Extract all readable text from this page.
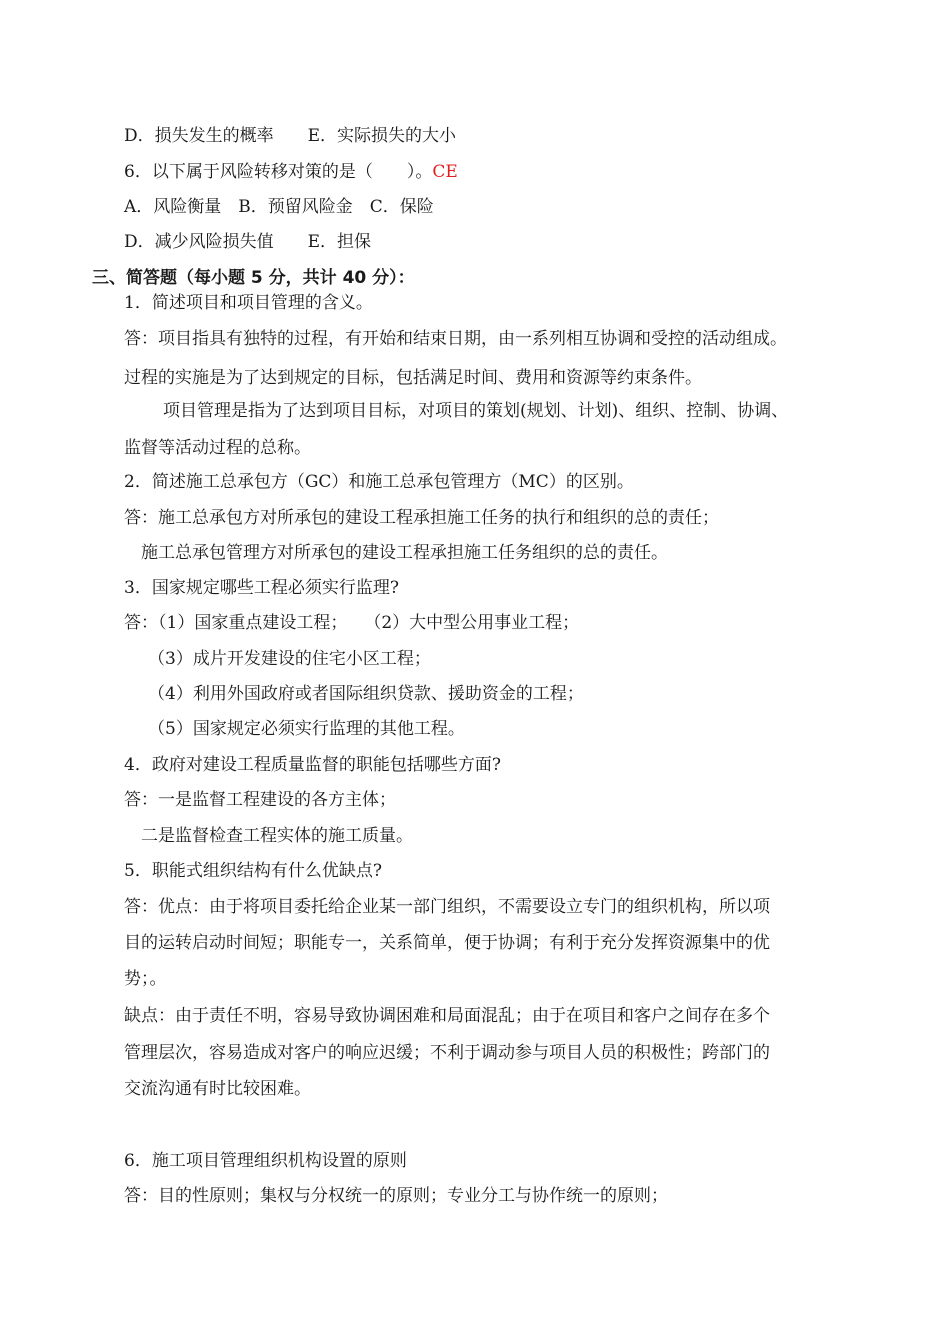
D．损失发生的概率　　E．实际损失的大小
6．以下属于风险转移对策的是（　　）。CE
A．风险衡量　B．预留风险金　C．保险
D．减少风险损失值　　E．担保
三、简答题（每小题 5 分，共计 40 分）：
1．简述项目和项目管理的含义。
答：项目指具有独特的过程，有开始和结束日期，由一系列相互协调和受控的活动组成。
过程的实施是为了达到规定的目标，包括满足时间、费用和资源等约束条件。
项目管理是指为了达到项目目标，对项目的策划(规划、计划)、组织、控制、协调、
监督等活动过程的总称。
2．简述施工总承包方（GC）和施工总承包管理方（MC）的区别。
答：施工总承包方对所承包的建设工程承担施工任务的执行和组织的总的责任；
施工总承包管理方对所承包的建设工程承担施工任务组织的总的责任。
3．国家规定哪些工程必须实行监理?
答：（1）国家重点建设工程；　　（2）大中型公用事业工程；
（3）成片开发建设的住宅小区工程；
（4）利用外国政府或者国际组织贷款、援助资金的工程；
（5）国家规定必须实行监理的其他工程。
4．政府对建设工程质量监督的职能包括哪些方面?
答：一是监督工程建设的各方主体；
二是监督检查工程实体的施工质量。
5．职能式组织结构有什么优缺点?
答：优点：由于将项目委托给企业某一部门组织，不需要设立专门的组织机构，所以项
目的运转启动时间短；职能专一，关系简单，便于协调；有利于充分发挥资源集中的优
势；。
缺点：由于责任不明，容易导致协调困难和局面混乱；由于在项目和客户之间存在多个
管理层次，容易造成对客户的响应迟缓；不利于调动参与项目人员的积极性；跨部门的
交流沟通有时比较困难。
6．施工项目管理组织机构设置的原则
答：目的性原则；集权与分权统一的原则；专业分工与协作统一的原则；
